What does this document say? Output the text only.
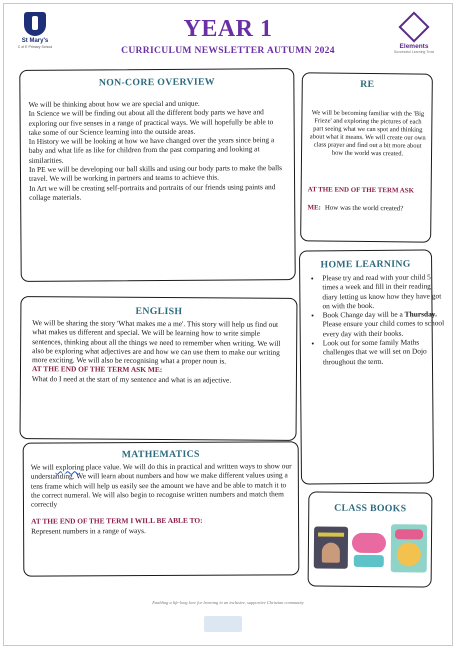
St Mary's
C of E Primary School	Elements
Successful Learning Trust
YEAR 1
CURRICULUM NEWSLETTER AUTUMN 2024
NON-CORE OVERVIEW

We will be thinking about how we are special and unique.

In Science we will be finding out about all the different body parts we have and exploring our five senses in a range of practical ways. We will hopefully be able to take some of our Science learning into the outside areas.

In History we will be looking at how we have changed over the years since being a baby and what life as like for children from the past comparing and looking at similarities.

In PE we will be developing our ball skills and using our body parts to make the balls travel. We will be working in partners and teams to achieve this.

In Art we will be creating self-portraits and portraits of our friends using paints and collage materials.

RE

We will be becoming familiar with the 'Big Frieze' and exploring the pictures of each part seeing what we can spot and thinking about what it means. We will create our own class prayer and find out a bit more about how the world was created.

AT THE END OF THE TERM ASK ME: How was the world created?
HOME LEARNING
• Please try and read with your child 5 times a week and fill in their reading diary letting us know how they have got on with the book.
• Book Change day will be a Thursday. Please ensure your child comes to school every day with their books.
• Look out for some family Maths challenges that we will set on Dojo throughout the term.
ENGLISH

We will be sharing the story 'What makes me a me'. This story will help us find out what makes us different and special. We will be learning how to write simple sentences, thinking about all the things we need to remember when writing. We will also be exploring what adjectives are and how we can use them to make our writing more exciting. We will also be recognising what a proper noun is.

AT THE END OF THE TERM ASK ME:

What do I need at the start of my sentence and what is an adjective.

MATHEMATICS

We will exploring place value. We will do this in practical and written ways to show our understanding. We will learn about numbers and how we make different values using a tens frame which will help us easily see the amount we have and be able to match it to the correct numeral. We will also begin to recognise written numbers and match them correctly

AT THE END OF THE TERM I WILL BE ABLE TO:

Represent numbers in a range of ways.

CLASS BOOKS
Enabling a life-long love for learning in an inclusive, supportive Christian community
